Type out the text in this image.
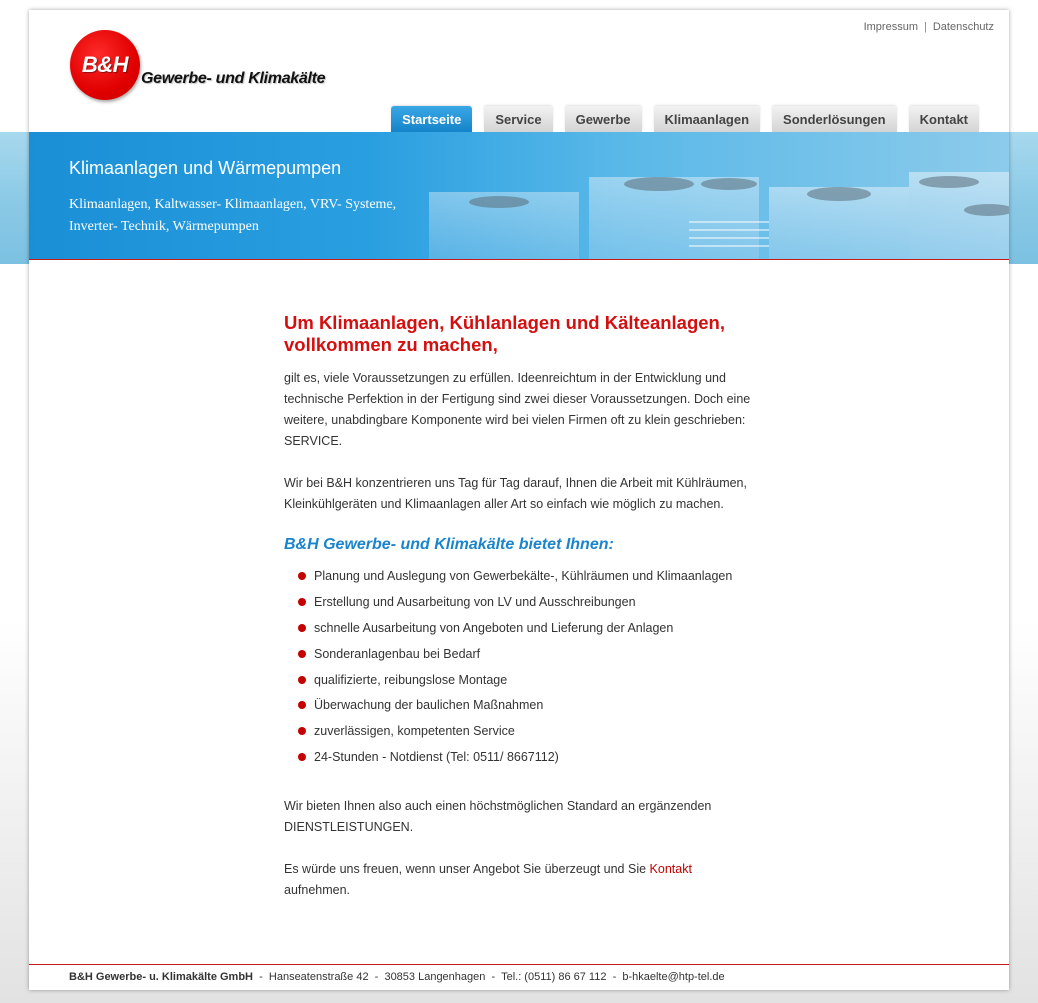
Impressum | Datenschutz
B&H
Gewerbe- und Klimakälte
Startseite	Service	Gewerbe	Klimaanlagen	Sonderlösungen	Kontakt
Klimaanlagen und Wärmepumpen
Klimaanlagen, Kaltwasser- Klimaanlagen, VRV- Systeme,
Inverter- Technik, Wärmepumpen
Um Klimaanlagen, Kühlanlagen und Kälteanlagen, vollkommen zu machen,

gilt es, viele Voraussetzungen zu erfüllen. Ideenreichtum in der Entwicklung und technische Perfektion in der Fertigung sind zwei dieser Voraussetzungen. Doch eine weitere, unabdingbare Komponente wird bei vielen Firmen oft zu klein geschrieben: SERVICE.

Wir bei B&H konzentrieren uns Tag für Tag darauf, Ihnen die Arbeit mit Kühlräumen, Kleinkühlgeräten und Klimaanlagen aller Art so einfach wie möglich zu machen.

B&H Gewerbe- und Klimakälte bietet Ihnen:
Planung und Auslegung von Gewerbekälte-, Kühlräumen und Klimaanlagen
Erstellung und Ausarbeitung von LV und Ausschreibungen
schnelle Ausarbeitung von Angeboten und Lieferung der Anlagen
Sonderanlagenbau bei Bedarf
qualifizierte, reibungslose Montage
Überwachung der baulichen Maßnahmen
zuverlässigen, kompetenten Service
24-Stunden - Notdienst (Tel: 0511/ 8667112)

Wir bieten Ihnen also auch einen höchstmöglichen Standard an ergänzenden DIENSTLEISTUNGEN.

Es würde uns freuen, wenn unser Angebot Sie überzeugt und Sie Kontakt aufnehmen.

B&H Gewerbe- u. Klimakälte GmbH  -  Hanseatenstraße 42  -  30853 Langenhagen  -  Tel.: (0511) 86 67 112  -  b-hkaelte@htp-tel.de
